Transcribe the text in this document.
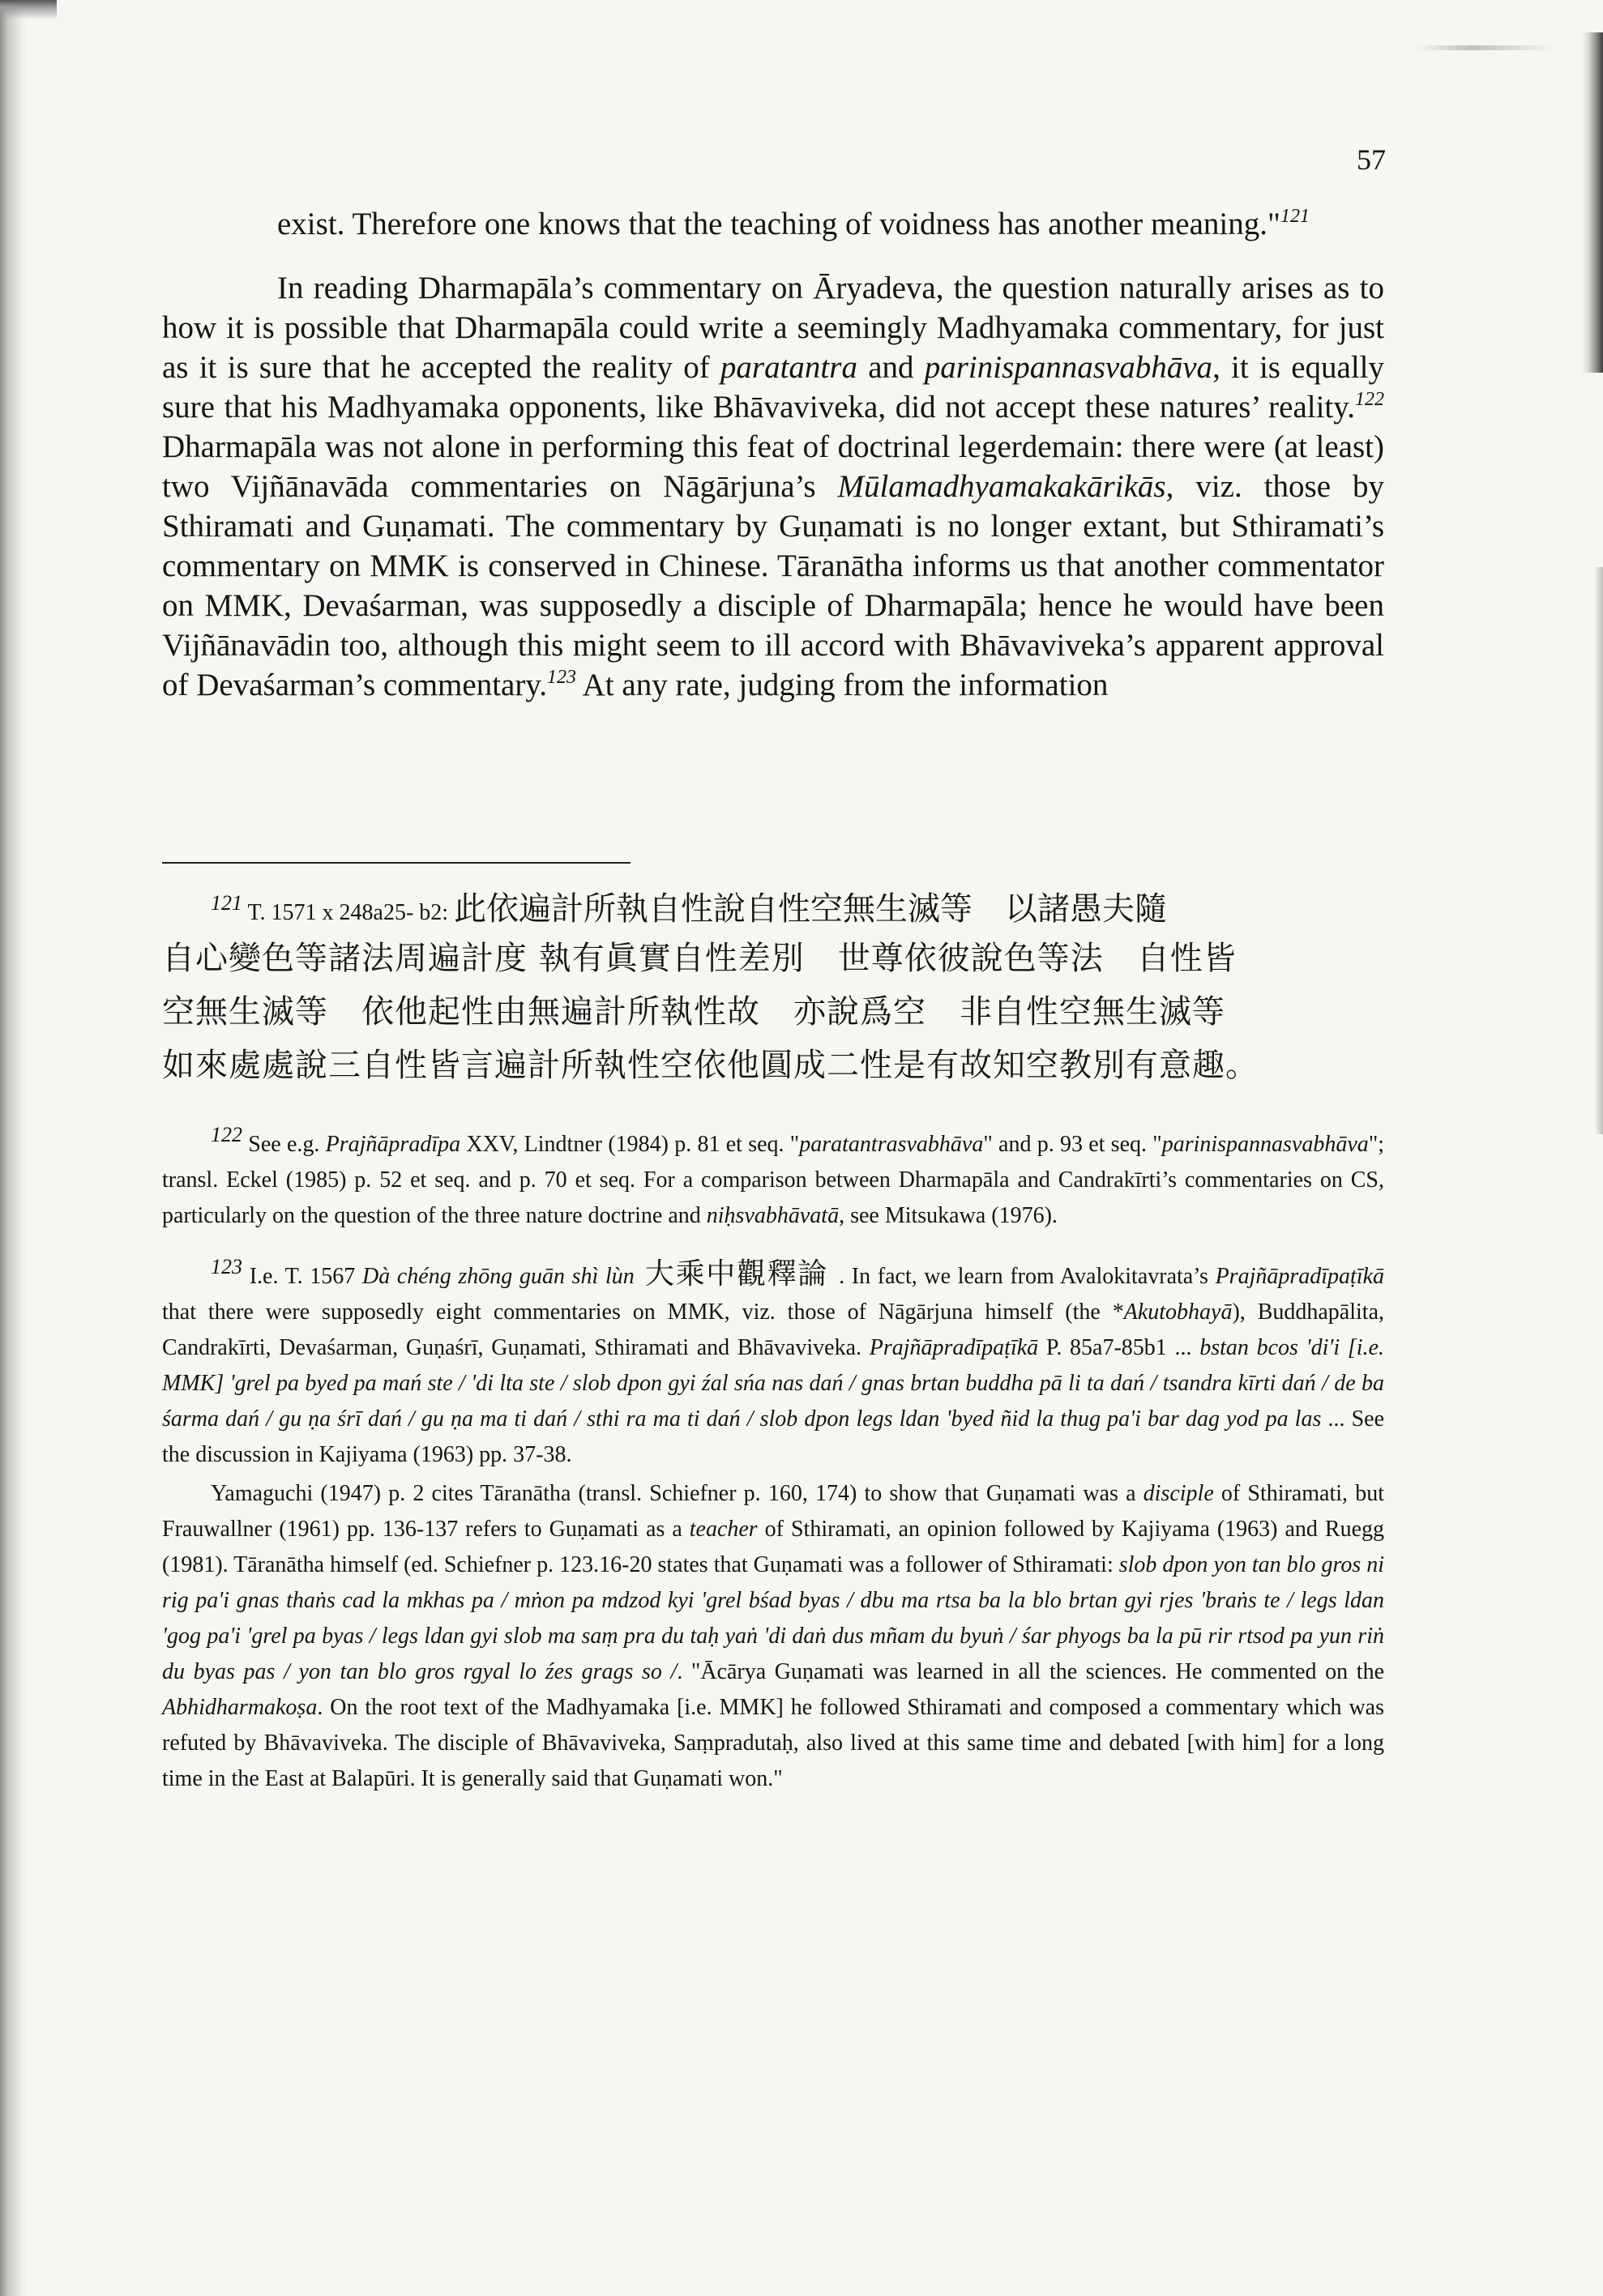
57

exist. Therefore one knows that the teaching of voidness has another meaning."$^{121}$

In reading Dharmapāla’s commentary on Āryadeva, the question naturally arises as to how it is possible that Dharmapāla could write a seemingly Madhyamaka commentary, for just as it is sure that he accepted the reality of paratantra and parinispannasvabhāva, it is equally sure that his Madhyamaka opponents, like Bhāvaviveka, did not accept these natures’ reality.$^{122}$ Dharmapāla was not alone in performing this feat of doctrinal legerdemain: there were (at least) two Vijñānavāda commentaries on Nāgārjuna’s Mūlamadhyamakakārikās, viz. those by Sthiramati and Guṇamati. The commentary by Guṇamati is no longer extant, but Sthiramati’s commentary on MMK is conserved in Chinese. Tāranātha informs us that another commentator on MMK, Devaśarman, was supposedly a disciple of Dharmapāla; hence he would have been Vijñānavādin too, although this might seem to ill accord with Bhāvaviveka’s apparent approval of Devaśarman’s commentary.$^{123}$ At any rate, judging from the information

$^{121}$ T. 1571 x 248a25- b2: 此依遍計所執自性說自性空無生滅等　以諸愚夫隨

自心變色等諸法周遍計度 執有眞實自性差別　世尊依彼說色等法　自性皆

空無生滅等　依他起性由無遍計所執性故　亦說爲空　非自性空無生滅等

如來處處說三自性皆言遍計所執性空依他圓成二性是有故知空教別有意趣。

$^{122}$ See e.g. Prajñāpradīpa XXV, Lindtner (1984) p. 81 et seq. "paratantrasvabhāva" and p. 93 et seq. "parinispannasvabhāva"; transl. Eckel (1985) p. 52 et seq. and p. 70 et seq. For a comparison between Dharmapāla and Candrakīrti’s commentaries on CS, particularly on the question of the three nature doctrine and niḥsvabhāvatā, see Mitsukawa (1976).

$^{123}$ I.e. T. 1567 Dà chéng zhōng guān shì lùn 大乘中觀釋論 . In fact, we learn from Avalokitavrata’s Prajñāpradīpaṭīkā that there were supposedly eight commentaries on MMK, viz. those of Nāgārjuna himself (the *Akutobhayā), Buddhapālita, Candrakīrti, Devaśarman, Guṇaśrī, Guṇamati, Sthiramati and Bhāvaviveka. Prajñāpradīpaṭīkā P. 85a7-85b1 ... bstan bcos 'di'i [i.e. MMK] 'grel pa byed pa mań ste / 'di lta ste / slob dpon gyi źal sńa nas dań / gnas brtan buddha pā li ta dań / tsandra kīrti dań / de ba śarma dań / gu ṇa śrī dań / gu ṇa ma ti dań / sthi ra ma ti dań / slob dpon legs ldan 'byed ñid la thug pa'i bar dag yod pa las ... See the discussion in Kajiyama (1963) pp. 37-38.

Yamaguchi (1947) p. 2 cites Tāranātha (transl. Schiefner p. 160, 174) to show that Guṇamati was a disciple of Sthiramati, but Frauwallner (1961) pp. 136-137 refers to Guṇamati as a teacher of Sthiramati, an opinion followed by Kajiyama (1963) and Ruegg (1981). Tāranātha himself (ed. Schiefner p. 123.16-20 states that Guṇamati was a follower of Sthiramati: slob dpon yon tan blo gros ni rig pa'i gnas thaṅs cad la mkhas pa / mṅon pa mdzod kyi 'grel bśad byas / dbu ma rtsa ba la blo brtan gyi rjes 'braṅs te / legs ldan 'gog pa'i 'grel pa byas / legs ldan gyi slob ma saṃ pra du taḥ yaṅ 'di daṅ dus mñam du byuṅ / śar phyogs ba la pū rir rtsod pa yun riṅ du byas pas / yon tan blo gros rgyal lo źes grags so /. "Ācārya Guṇamati was learned in all the sciences. He commented on the Abhidharmakoṣa. On the root text of the Madhyamaka [i.e. MMK] he followed Sthiramati and composed a commentary which was refuted by Bhāvaviveka. The disciple of Bhāvaviveka, Saṃpradutaḥ, also lived at this same time and debated [with him] for a long time in the East at Balapūri. It is generally said that Guṇamati won."
